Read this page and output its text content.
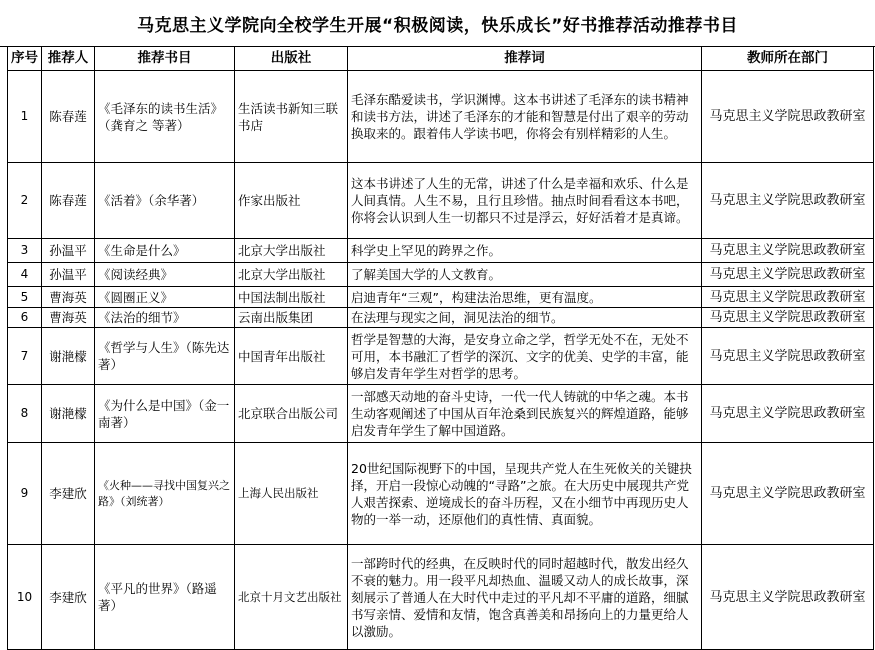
马克思主义学院向全校学生开展“积极阅读，快乐成长”好书推荐活动推荐书目
序号	推荐人	推荐书目	出版社	推荐词	教师所在部门
1	陈春莲	《毛泽东的读书生活》（龚育之 等著）	生活读书新知三联书店	毛泽东酷爱读书，学识渊博。这本书讲述了毛泽东的读书精神和读书方法，讲述了毛泽东的才能和智慧是付出了艰辛的劳动换取来的。跟着伟人学读书吧，你将会有别样精彩的人生。	马克思主义学院思政教研室
2	陈春莲	《活着》（余华著）	作家出版社	这本书讲述了人生的无常，讲述了什么是幸福和欢乐、什么是人间真情。人生不易，且行且珍惜。抽点时间看看这本书吧，你将会认识到人生一切都只不过是浮云，好好活着才是真谛。	马克思主义学院思政教研室
3	孙温平	《生命是什么》	北京大学出版社	科学史上罕见的跨界之作。	马克思主义学院思政教研室
4	孙温平	《阅读经典》	北京大学出版社	了解美国大学的人文教育。	马克思主义学院思政教研室
5	曹海英	《圆圈正义》	中国法制出版社	启迪青年“三观”，构建法治思维，更有温度。	马克思主义学院思政教研室
6	曹海英	《法治的细节》	云南出版集团	在法理与现实之间，洞见法治的细节。	马克思主义学院思政教研室
7	谢滟檬	《哲学与人生》（陈先达著）	中国青年出版社	哲学是智慧的大海，是安身立命之学，哲学无处不在，无处不可用，本书融汇了哲学的深沉、文字的优美、史学的丰富，能够启发青年学生对哲学的思考。	马克思主义学院思政教研室
8	谢滟檬	《为什么是中国》（金一南著）	北京联合出版公司	一部感天动地的奋斗史诗，一代一代人铸就的中华之魂。本书生动客观阐述了中国从百年沧桑到民族复兴的辉煌道路，能够启发青年学生了解中国道路。	马克思主义学院思政教研室
9	李建欣	《火种——寻找中国复兴之路》（刘统著）	上海人民出版社	20世纪国际视野下的中国，呈现共产党人在生死攸关的关键抉择，开启一段惊心动魄的“寻路”之旅。在大历史中展现共产党人艰苦探索、逆境成长的奋斗历程，又在小细节中再现历史人物的一举一动，还原他们的真性情、真面貌。	马克思主义学院思政教研室
10	李建欣	《平凡的世界》（路遥著）	北京十月文艺出版社	一部跨时代的经典，在反映时代的同时超越时代，散发出经久不衰的魅力。用一段平凡却热血、温暖又动人的成长故事，深刻展示了普通人在大时代中走过的平凡却不平庸的道路，细腻书写亲情、爱情和友情，饱含真善美和昂扬向上的力量更给人以激励。	马克思主义学院思政教研室
